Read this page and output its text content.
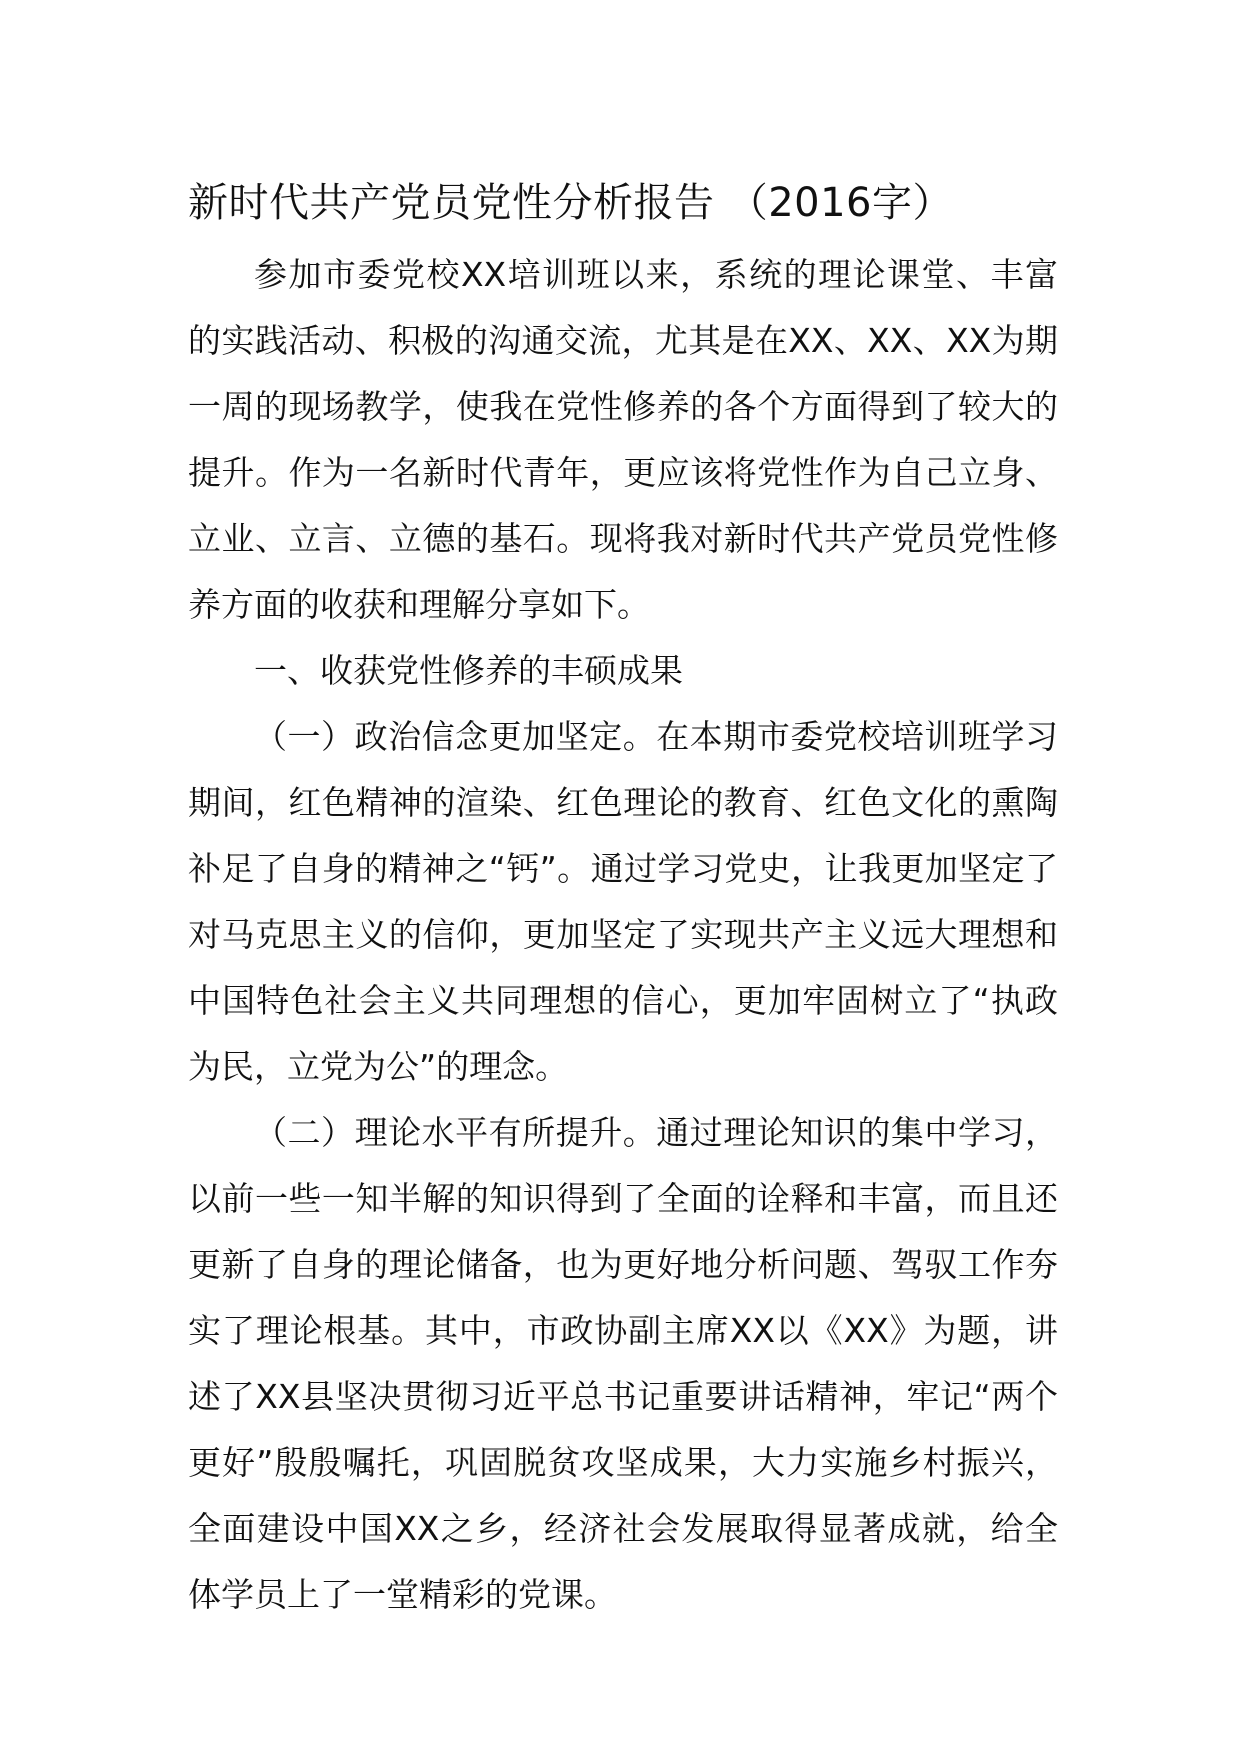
新时代共产党员党性分析报告 （2016字）

参加市委党校XX培训班以来，系统的理论课堂、丰富的实践活动、积极的沟通交流，尤其是在XX、XX、XX为期一周的现场教学，使我在党性修养的各个方面得到了较大的提升。作为一名新时代青年，更应该将党性作为自己立身、立业、立言、立德的基石。现将我对新时代共产党员党性修养方面的收获和理解分享如下。

一、收获党性修养的丰硕成果

（一）政治信念更加坚定。在本期市委党校培训班学习期间，红色精神的渲染、红色理论的教育、红色文化的熏陶补足了自身的精神之“钙”。通过学习党史，让我更加坚定了对马克思主义的信仰，更加坚定了实现共产主义远大理想和中国特色社会主义共同理想的信心，更加牢固树立了“执政为民，立党为公”的理念。

（二）理论水平有所提升。通过理论知识的集中学习，以前一些一知半解的知识得到了全面的诠释和丰富，而且还更新了自身的理论储备，也为更好地分析问题、驾驭工作夯实了理论根基。其中，市政协副主席XX以《XX》为题，讲述了XX县坚决贯彻习近平总书记重要讲话精神，牢记“两个更好”殷殷嘱托，巩固脱贫攻坚成果，大力实施乡村振兴，全面建设中国XX之乡，经济社会发展取得显著成就，给全体学员上了一堂精彩的党课。
